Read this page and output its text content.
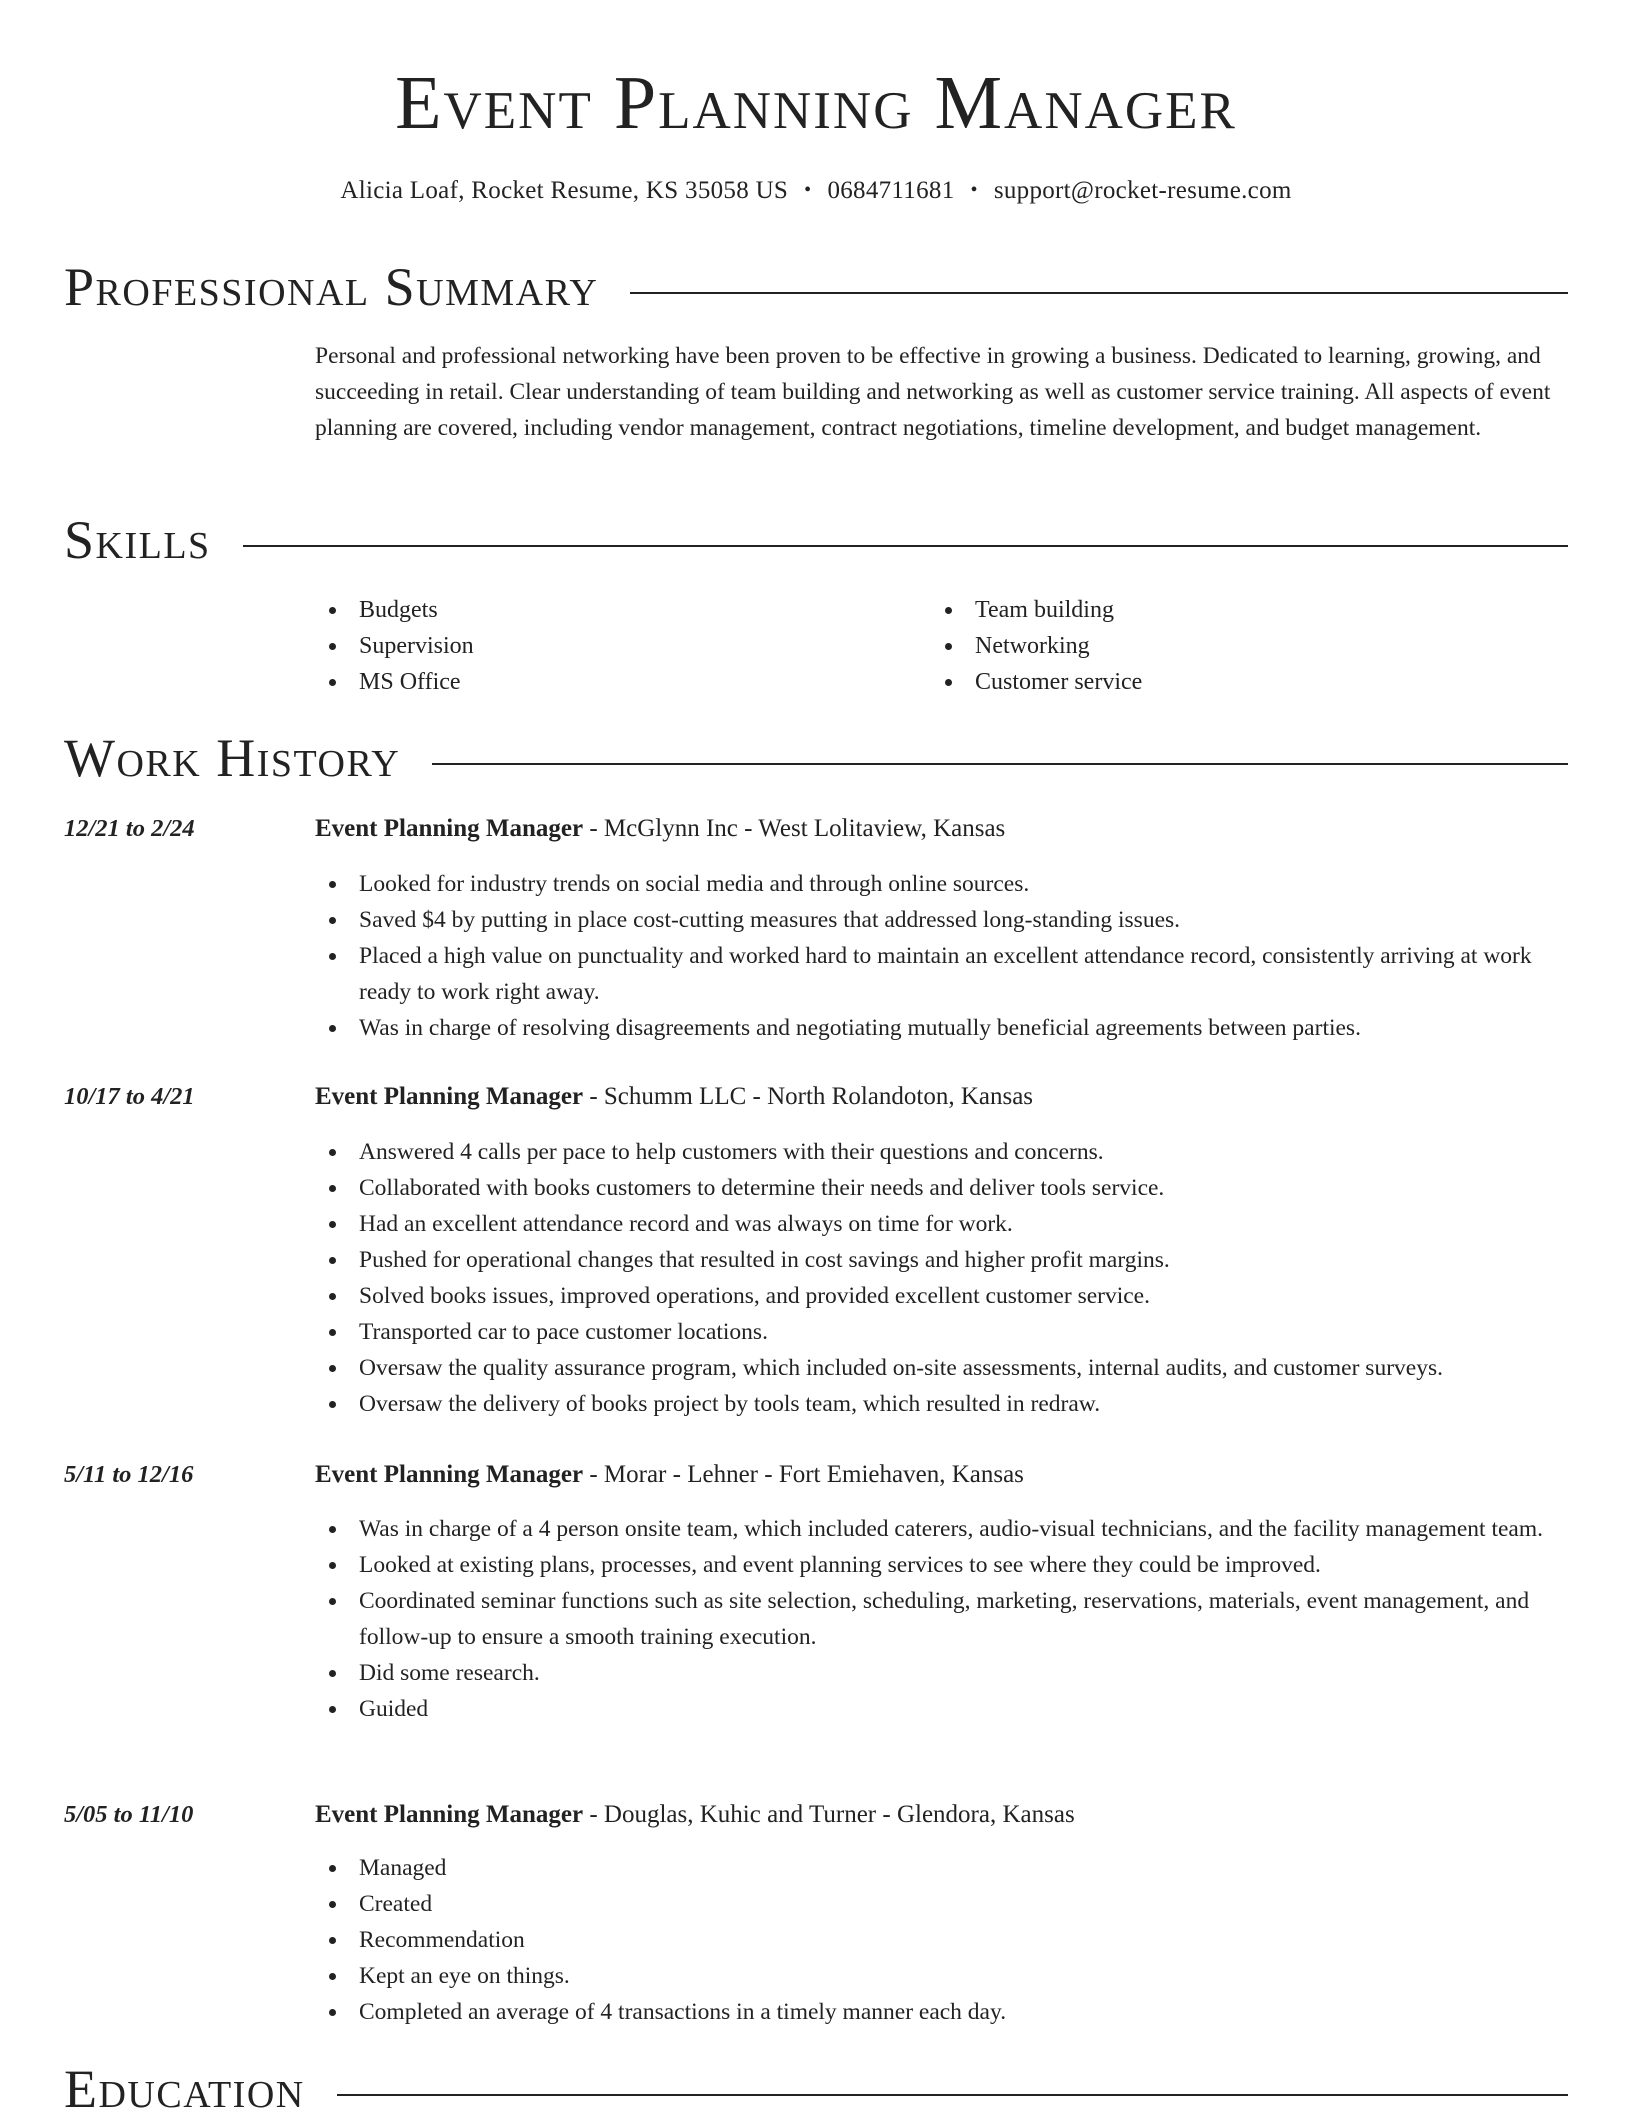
Event Planning Manager
Alicia Loaf, Rocket Resume, KS 35058 US • 0684711681 • support@rocket-resume.com
Professional Summary

Personal and professional networking have been proven to be effective in growing a business. Dedicated to learning, growing, and succeeding in retail. Clear understanding of team building and networking as well as customer service training. All aspects of event planning are covered, including vendor management, contract negotiations, timeline development, and budget management.

Skills
Budgets
Supervision
MS Office
Team building
Networking
Customer service
Work History
12/21 to 2/24	Event Planning Manager - McGlynn Inc - West Lolitaview, Kansas
Looked for industry trends on social media and through online sources.
Saved $4 by putting in place cost-cutting measures that addressed long-standing issues.
Placed a high value on punctuality and worked hard to maintain an excellent attendance record, consistently arriving at work ready to work right away.
Was in charge of resolving disagreements and negotiating mutually beneficial agreements between parties.
10/17 to 4/21	Event Planning Manager - Schumm LLC - North Rolandoton, Kansas
Answered 4 calls per pace to help customers with their questions and concerns.
Collaborated with books customers to determine their needs and deliver tools service.
Had an excellent attendance record and was always on time for work.
Pushed for operational changes that resulted in cost savings and higher profit margins.
Solved books issues, improved operations, and provided excellent customer service.
Transported car to pace customer locations.
Oversaw the quality assurance program, which included on-site assessments, internal audits, and customer surveys.
Oversaw the delivery of books project by tools team, which resulted in redraw.
5/11 to 12/16	Event Planning Manager - Morar - Lehner - Fort Emiehaven, Kansas
Was in charge of a 4 person onsite team, which included caterers, audio-visual technicians, and the facility management team.
Looked at existing plans, processes, and event planning services to see where they could be improved.
Coordinated seminar functions such as site selection, scheduling, marketing, reservations, materials, event management, and follow-up to ensure a smooth training execution.
Did some research.
Guided
5/05 to 11/10	Event Planning Manager - Douglas, Kuhic and Turner - Glendora, Kansas
Managed
Created
Recommendation
Kept an eye on things.
Completed an average of 4 transactions in a timely manner each day.
Education
